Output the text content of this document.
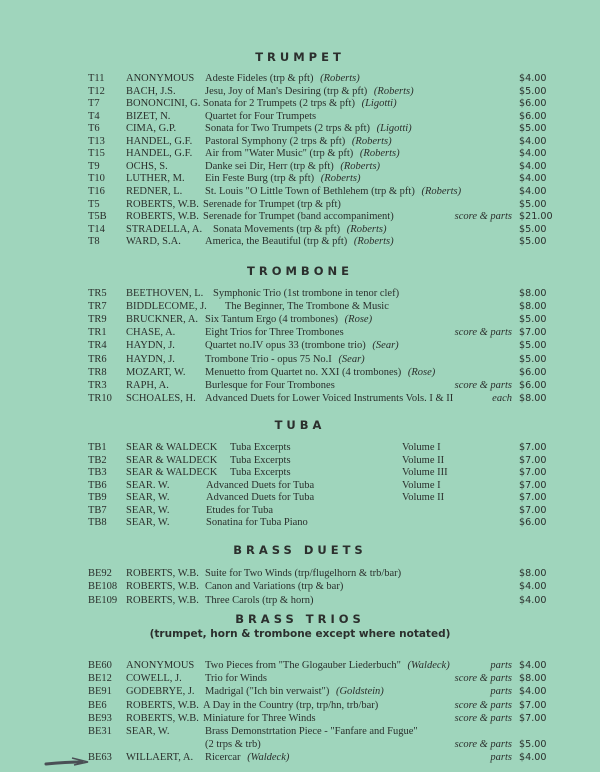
TRUMPET
T11 ANONYMOUS Adeste Fideles (trp & pft) (Roberts)	$4.00
T12 BACH, J.S.	Jesu, Joy of Man's Desiring (trp & pft) (Roberts)	$5.00
T7	BONONCINI, G. Sonata for 2 Trumpets (2 trps & pft) (Ligotti)	$6.00
T4	BIZET, N.	Quartet for Four Trumpets	$6.00
T6	CIMA, G.P.	Sonata for Two Trumpets (2 trps & pft) (Ligotti)	$5.00
T13 HANDEL, G.F. Pastoral Symphony (2 trps & pft) (Roberts)	$4.00
T15 HANDEL, G.F. Air from "Water Music" (trp & pft) (Roberts)	$4.00
T9	OCHS, S.	Danke sei Dir, Herr (trp & pft) (Roberts)	$4.00
T10 LUTHER, M. Ein Feste Burg (trp & pft) (Roberts)	$4.00
T16 REDNER, L. St. Louis "O Little Town of Bethlehem (trp & pft) (Roberts)	$4.00
T5	ROBERTS, W.B. Serenade for Trumpet (trp & pft)	$5.00
T5B ROBERTS, W.B. Serenade for Trumpet (band accompaniment)	score & parts $21.00
T14 STRADELLA, A. Sonata Movements (trp & pft) (Roberts)	$5.00
T8	WARD, S.A. America, the Beautiful (trp & pft) (Roberts)	$5.00
TROMBONE
TR5 BEETHOVEN, L. Symphonic Trio (1st trombone in tenor clef)	$8.00
TR7 BIDDLECOME, J. The Beginner, The Trombone & Music	$8.00
TR9 BRUCKNER, A. Six Tantum Ergo (4 trombones) (Rose)	$5.00
TR1 CHASE, A.	Eight Trios for Three Trombones	score & parts $7.00
TR4 HAYDN, J.	Quartet no.IV opus 33 (trombone trio) (Sear)	$5.00
TR6 HAYDN, J.	Trombone Trio - opus 75 No.I (Sear)	$5.00
TR8 MOZART, W. Menuetto from Quartet no. XXI (4 trombones) (Rose)	$6.00
TR3 RAPH, A.	Burlesque for Four Trombones	score & parts $6.00
TR10 SCHOALES, H. Advanced Duets for Lower Voiced Instruments Vols. I & II	each $8.00
TUBA
TB1 SEAR & WALDECK Tuba Excerpts	Volume I	$7.00
TB2 SEAR & WALDECK Tuba Excerpts	Volume II	$7.00
TB3 SEAR & WALDECK Tuba Excerpts	Volume III	$7.00
TB6 SEAR. W.	Advanced Duets for Tuba	Volume I	$7.00
TB9 SEAR, W.	Advanced Duets for Tuba	Volume II	$7.00
TB7 SEAR, W.	Etudes for Tuba	$7.00
TB8 SEAR, W.	Sonatina for Tuba Piano	$6.00
BRASS DUETS
BE92 ROBERTS, W.B. Suite for Two Winds (trp/flugelhorn & trb/bar)	$8.00
BE108 ROBERTS, W.B. Canon and Variations (trp & bar)	$4.00
BE109 ROBERTS, W.B. Three Carols (trp & horn)	$4.00
BRASS TRIOS
(trumpet, horn & trombone except where notated)
BE60 ANONYMOUS Two Pieces from "The Glogauber Liederbuch" (Waldeck)	parts $4.00
BE12 COWELL, J. Trio for Winds	score & parts $8.00
BE91 GODEBRYE, J. Madrigal ("Ich bin verwaist") (Goldstein)	parts $4.00
BE6 ROBERTS, W.B. A Day in the Country (trp, trp/hn, trb/bar)	score & parts $7.00
BE93 ROBERTS, W.B. Miniature for Three Winds	score & parts $7.00
BE31 SEAR, W.	Brass Demonstrtation Piece - "Fanfare and Fugue"
(2 trps & trb)	score & parts $5.00
BE63 WILLAERT, A. Ricercar (Waldeck)	parts $4.00
